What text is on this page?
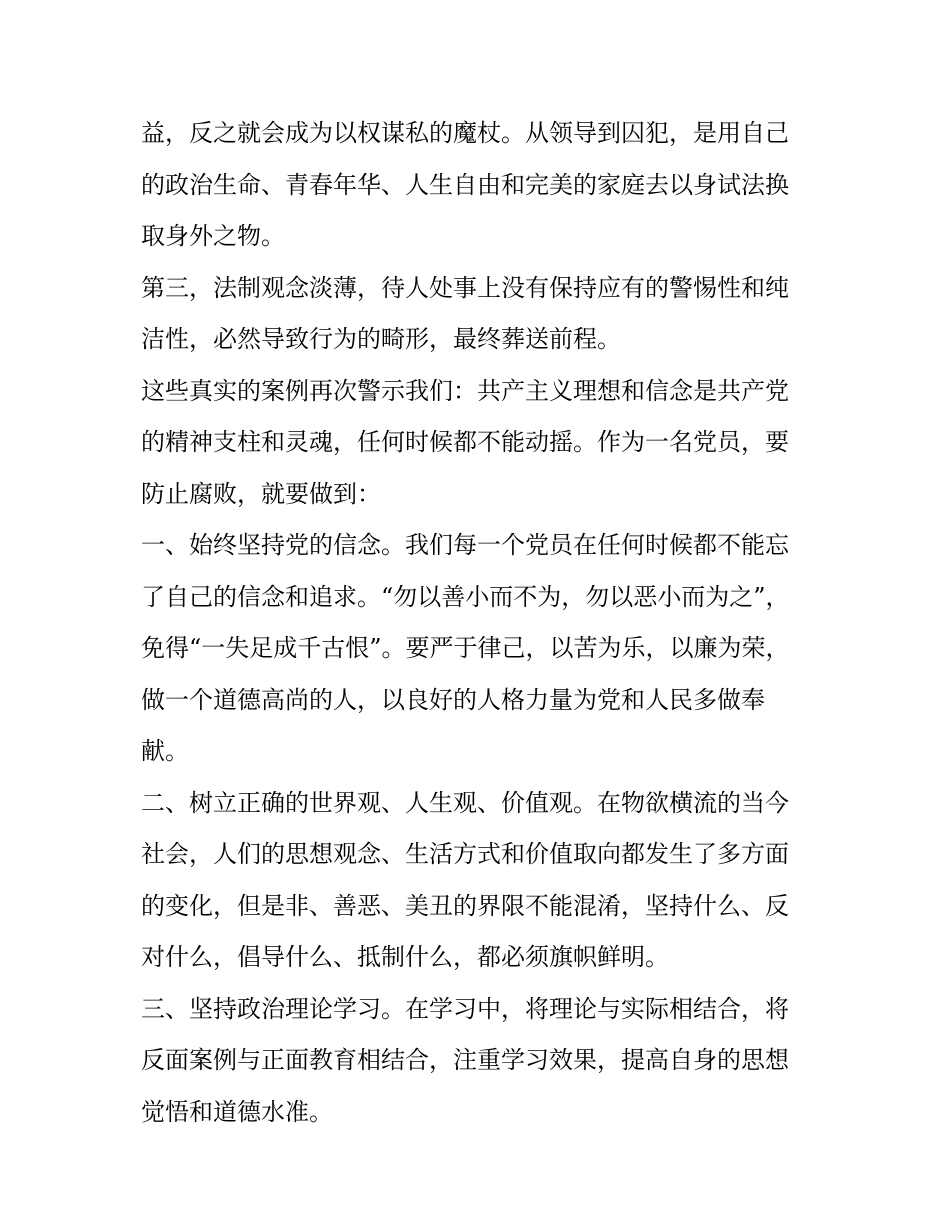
益，反之就会成为以权谋私的魔杖。从领导到囚犯，是用自己
的政治生命、青春年华、人生自由和完美的家庭去以身试法换
取身外之物。

第三，法制观念淡薄，待人处事上没有保持应有的警惕性和纯
洁性，必然导致行为的畸形，最终葬送前程。

这些真实的案例再次警示我们：共产主义理想和信念是共产党
的精神支柱和灵魂，任何时候都不能动摇。作为一名党员，要
防止腐败，就要做到：

一、始终坚持党的信念。我们每一个党员在任何时候都不能忘
了自己的信念和追求。“勿以善小而不为，勿以恶小而为之”，
免得“一失足成千古恨”。要严于律己，以苦为乐，以廉为荣，
做一个道德高尚的人，以良好的人格力量为党和人民多做奉
献。

二、树立正确的世界观、人生观、价值观。在物欲横流的当今
社会，人们的思想观念、生活方式和价值取向都发生了多方面
的变化，但是非、善恶、美丑的界限不能混淆，坚持什么、反
对什么，倡导什么、抵制什么，都必须旗帜鲜明。

三、坚持政治理论学习。在学习中，将理论与实际相结合，将
反面案例与正面教育相结合，注重学习效果，提高自身的思想
觉悟和道德水准。
